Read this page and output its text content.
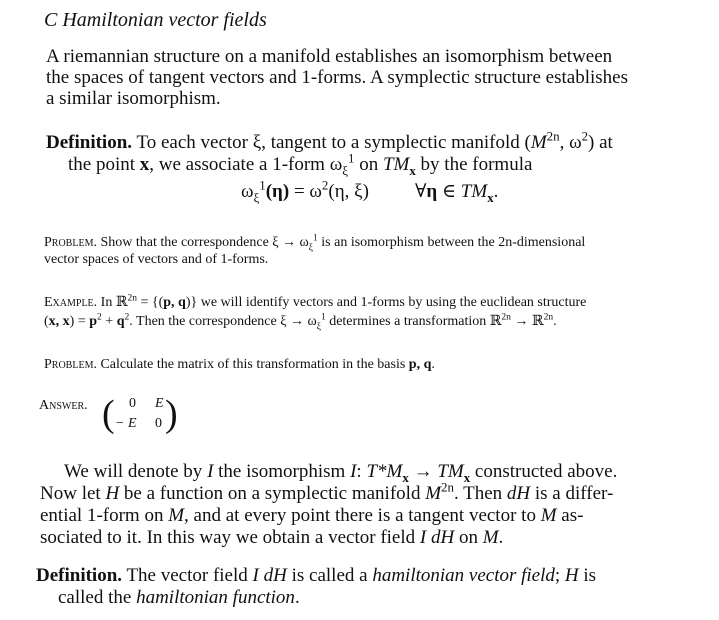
C Hamiltonian vector fields
A riemannian structure on a manifold establishes an isomorphism between
the spaces of tangent vectors and 1-forms. A symplectic structure establishes
a similar isomorphism.
Definition. To each vector ξ, tangent to a symplectic manifold ($M^{2n}$, $\omega^2$) at
the point x, we associate a 1-form $\omega_\xi^1$ on $TM_x$ by the formula
$\omega_\xi^1(\eta) = \omega^2(\eta$, ξ) ∀η ∈ $TM_x$.
Problem. Show that the correspondence $\xi \to \omega_\xi^1$ is an isomorphism between the 2n-dimensional
vector spaces of vectors and of 1-forms.
Example. In ℝ$^{2n}$ = {(p, q)} we will identify vectors and 1-forms by using the euclidean structure
(x, $x) = p^2 + q^2$. Then the correspondence $\xi \to \omega_\xi^1$ determines a transformation ℝ$^{2n}$ → ℝ$^{2n}$.
Problem. Calculate the matrix of this transformation in the basis p, q.
Answer. ( 0 E
− E 0 )
We will denote by I the isomorphism I: $T*M_x \to TM_x$ constructed above.
Now let H be a function on a symplectic manifold $M^{2n}$. Then dH is a differ-
ential 1-form on M, and at every point there is a tangent vector to M as-
sociated to it. In this way we obtain a vector field I dH on M.
Definition. The vector field I dH is called a hamiltonian vector field; H is
called the hamiltonian function.
